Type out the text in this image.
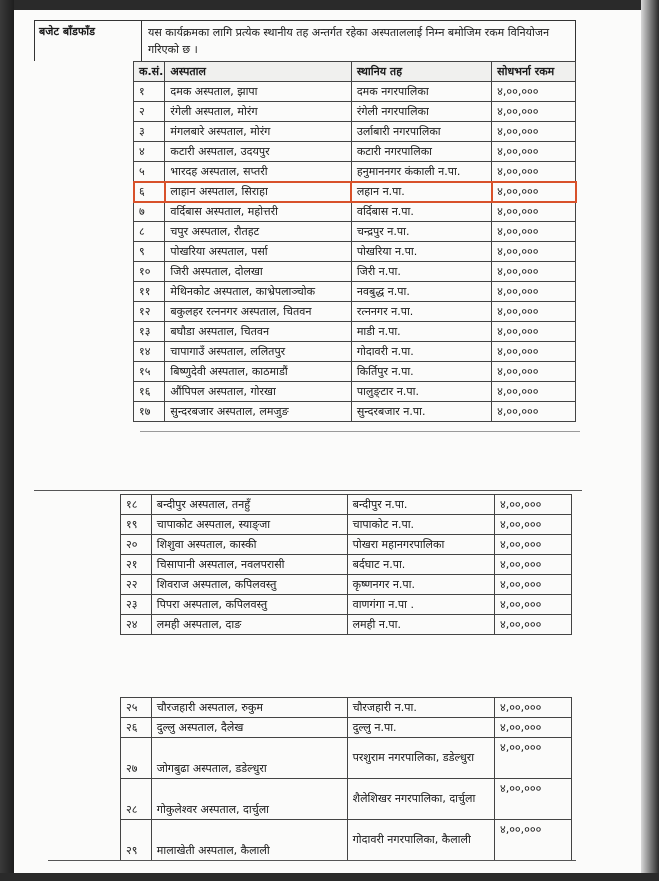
बजेट बाँडफाँड	यस कार्यक्रमका लागि प्रत्येक स्थानीय तह अन्तर्गत रहेका अस्पताललाई निम्न बमोजिम रकम विनियोजन गरिएको छ ।
क.सं.	अस्पताल	स्थानिय तह	सोधभर्ना रकम
१	दमक अस्पताल, झापा	दमक नगरपालिका	४,००,०००
२	रंगेली अस्पताल, मोरंग	रंगेली नगरपालिका	४,००,०००
३	मंगलबारे अस्पताल, मोरंग	उर्लाबारी नगरपालिका	४,००,०००
४	कटारी अस्पताल, उदयपुर	कटारी नगरपालिका	४,००,०००
५	भारदह अस्पताल, सप्तरी	हनुमाननगर कंकाली न.पा.	४,००,०००
६	लाहान अस्पताल, सिराहा	लहान न.पा.	४,००,०००
७	वर्दिबास अस्पताल, महोत्तरी	वर्दिबास न.पा.	४,००,०००
८	चपुर अस्पताल, रौतहट	चन्द्रपुर न.पा.	४,००,०००
९	पोखरिया अस्पताल, पर्सा	पोखरिया न.पा.	४,००,०००
१०	जिरी अस्पताल, दोलखा	जिरी न.पा.	४,००,०००
११	मेथिनकोट अस्पताल, काभ्रेपलाञ्चोक	नवबुद्ध न.पा.	४,००,०००
१२	बकुलहर रत्ननगर अस्पताल, चितवन	रत्ननगर न.पा.	४,००,०००
१३	बघौडा अस्पताल, चितवन	माडी न.पा.	४,००,०००
१४	चापागाउँ अस्पताल, ललितपुर	गोदावरी न.पा.	४,००,०००
१५	बिष्णुदेवी अस्पताल, काठमाडौं	किर्तिपुर न.पा.	४,००,०००
१६	औंपिपल अस्पताल, गोरखा	पालुङ्टार न.पा.	४,००,०००
१७	सुन्दरबजार अस्पताल, लमजुङ	सुन्दरबजार न.पा.	४,००,०००
१८	बन्दीपुर अस्पताल, तनहुँ	बन्दीपुर न.पा.	४,००,०००
१९	चापाकोट अस्पताल, स्याङ्जा	चापाकोट न.पा.	४,००,०००
२०	शिशुवा अस्पताल, कास्की	पोखरा महानगरपालिका	४,००,०००
२१	चिसापानी अस्पताल, नवलपरासी	बर्दघाट न.पा.	४,००,०००
२२	शिवराज अस्पताल, कपिलवस्तु	कृष्णनगर न.पा.	४,००,०००
२३	पिपरा अस्पताल, कपिलवस्तु	वाणगंगा न.पा .	४,००,०००
२४	लमही अस्पताल, दाङ	लमही न.पा.	४,००,०००
२५	चौरजहारी अस्पताल, रुकुम	चौरजहारी न.पा.	४,००,०००
२६	दुल्लु अस्पताल, दैलेख	दुल्लु न.पा.	४,००,०००
२७	जोगबुढा अस्पताल, डडेल्धुरा	परशुराम नगरपालिका, डडेल्धुरा	४,००,०००
२८	गोकुलेश्वर अस्पताल, दार्चुला	शैलेशिखर नगरपालिका, दार्चुला	४,००,०००
२९	मालाखेती अस्पताल, कैलाली	गोदावरी नगरपालिका, कैलाली	४,००,०००
